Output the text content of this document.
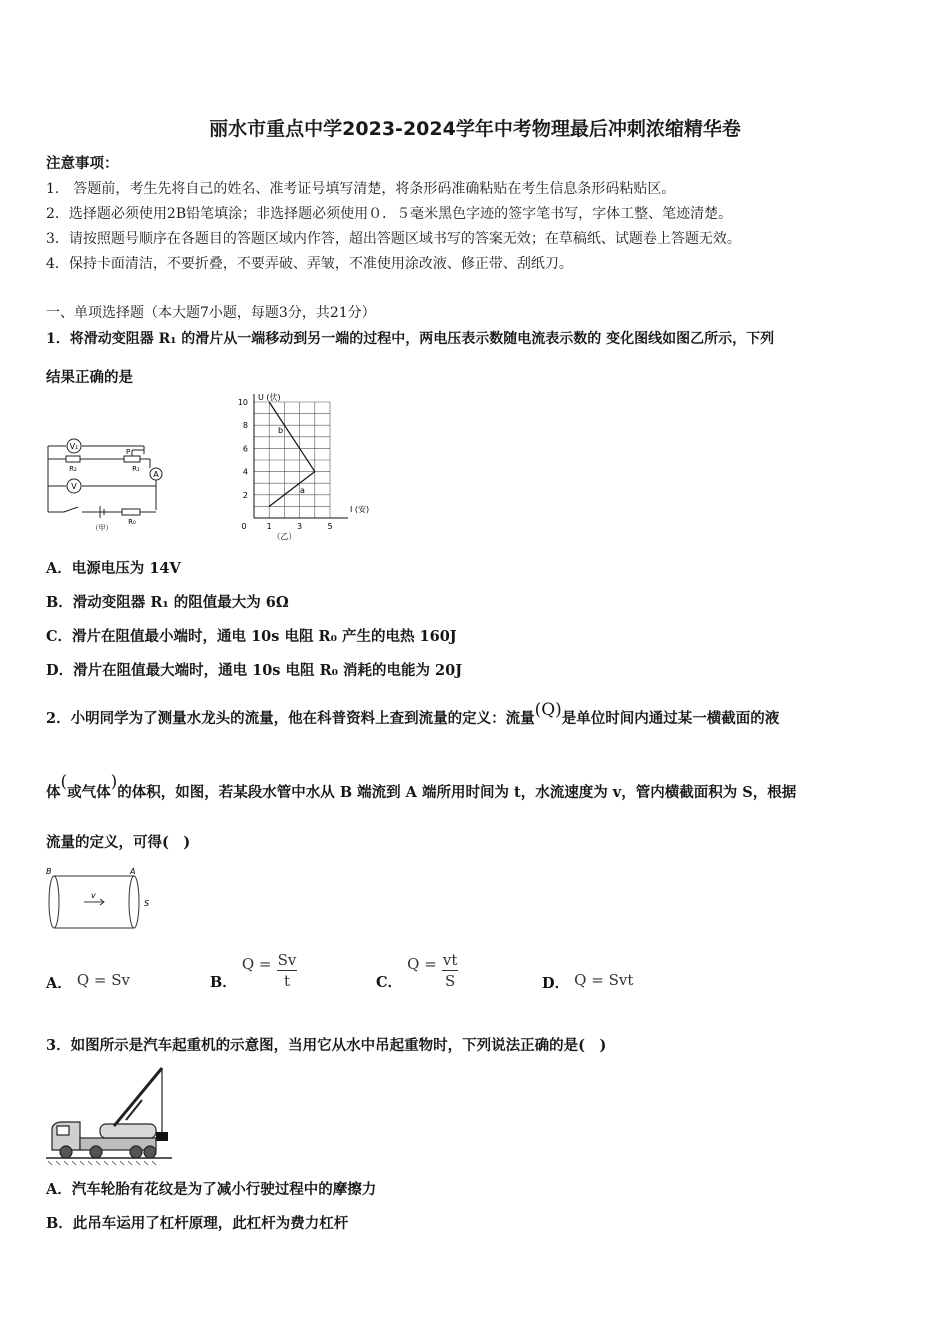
丽水市重点中学2023-2024学年中考物理最后冲刺浓缩精华卷
注意事项：
1.　答题前，考生先将自己的姓名、准考证号填写清楚，将条形码准确粘贴在考生信息条形码粘贴区。
2．选择题必须使用2B铅笔填涂；非选择题必须使用０．５毫米黑色字迹的签字笔书写，字体工整、笔迹清楚。
3．请按照题号顺序在各题目的答题区域内作答，超出答题区域书写的答案无效；在草稿纸、试题卷上答题无效。
4．保持卡面清洁，不要折叠，不要弄破、弄皱，不准使用涂改液、修正带、刮纸刀。
一、单项选择题（本大题7小题，每题3分，共21分）
1．将滑动变阻器 R₁ 的滑片从一端移动到另一端的过程中，两电压表示数随电流表示数的 变化图线如图乙所示，下列
结果正确的是
V₁
V
A
R₂	R₁
P
R₀
（甲）
2
4
6
8
10
0	1	3	5
U (伏)
I (安)
（乙）
a
b
A．电源电压为 14V
B．滑动变阻器 R₁ 的阻值最大为 6Ω
C．滑片在阻值最小端时，通电 10s 电阻 R₀ 产生的电热 160J
D．滑片在阻值最大端时，通电 10s 电阻 R₀ 消耗的电能为 20J
2．小明同学为了测量水龙头的流量，他在科普资料上查到流量的定义：流量(Q)是单位时间内通过某一横截面的液
体(或气体)的体积，如图，若某段水管中水从 B 端流到 A 端所用时间为 t，水流速度为 v，管内横截面积为 S，根据
流量的定义，可得(　)
B	A
v
S
A． Q = Sv	B． $Q = \frac{Sv}{t}$	C． $Q = \frac{vt}{S}$	D． Q = Svt
3．如图所示是汽车起重机的示意图，当用它从水中吊起重物时，下列说法正确的是(　)
A．汽车轮胎有花纹是为了减小行驶过程中的摩擦力
B．此吊车运用了杠杆原理，此杠杆为费力杠杆
